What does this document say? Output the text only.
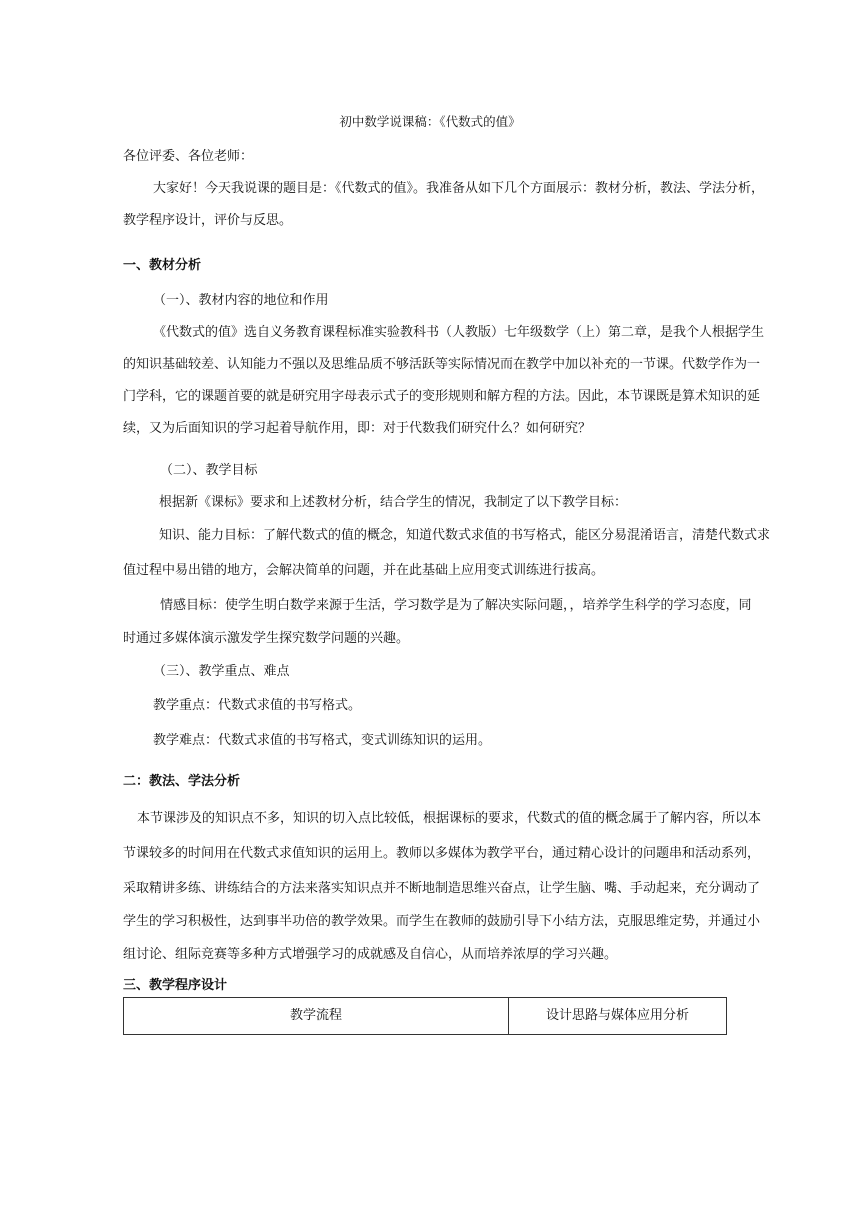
初中数学说课稿：《代数式的值》
各位评委、各位老师：
大家好！今天我说课的题目是：《代数式的值》。我准备从如下几个方面展示：教材分析，教法、学法分析，
教学程序设计，评价与反思。
一、教材分析
（一）、教材内容的地位和作用
《代数式的值》选自义务教育课程标准实验教科书（人教版）七年级数学（上）第二章，是我个人根据学生
的知识基础较差、认知能力不强以及思维品质不够活跃等实际情况而在教学中加以补充的一节课。代数学作为一
门学科，它的课题首要的就是研究用字母表示式子的变形规则和解方程的方法。因此，本节课既是算术知识的延
续，又为后面知识的学习起着导航作用，即：对于代数我们研究什么？如何研究？
（二）、教学目标
根据新《课标》要求和上述教材分析，结合学生的情况，我制定了以下教学目标：
知识、能力目标：了解代数式的值的概念，知道代数式求值的书写格式，能区分易混淆语言，清楚代数式求
值过程中易出错的地方，会解决简单的问题，并在此基础上应用变式训练进行拔高。
情感目标：使学生明白数学来源于生活，学习数学是为了解决实际问题，，培养学生科学的学习态度，同
时通过多媒体演示激发学生探究数学问题的兴趣。
（三）、教学重点、难点
教学重点：代数式求值的书写格式。
教学难点：代数式求值的书写格式，变式训练知识的运用。
二：教法、学法分析
本节课涉及的知识点不多，知识的切入点比较低，根据课标的要求，代数式的值的概念属于了解内容，所以本
节课较多的时间用在代数式求值知识的运用上。教师以多媒体为教学平台，通过精心设计的问题串和活动系列，
采取精讲多练、讲练结合的方法来落实知识点并不断地制造思维兴奋点，让学生脑、嘴、手动起来，充分调动了
学生的学习积极性，达到事半功倍的教学效果。而学生在教师的鼓励引导下小结方法，克服思维定势，并通过小
组讨论、组际竞赛等多种方式增强学习的成就感及自信心，从而培养浓厚的学习兴趣。
三、教学程序设计
教学流程	设计思路与媒体应用分析
